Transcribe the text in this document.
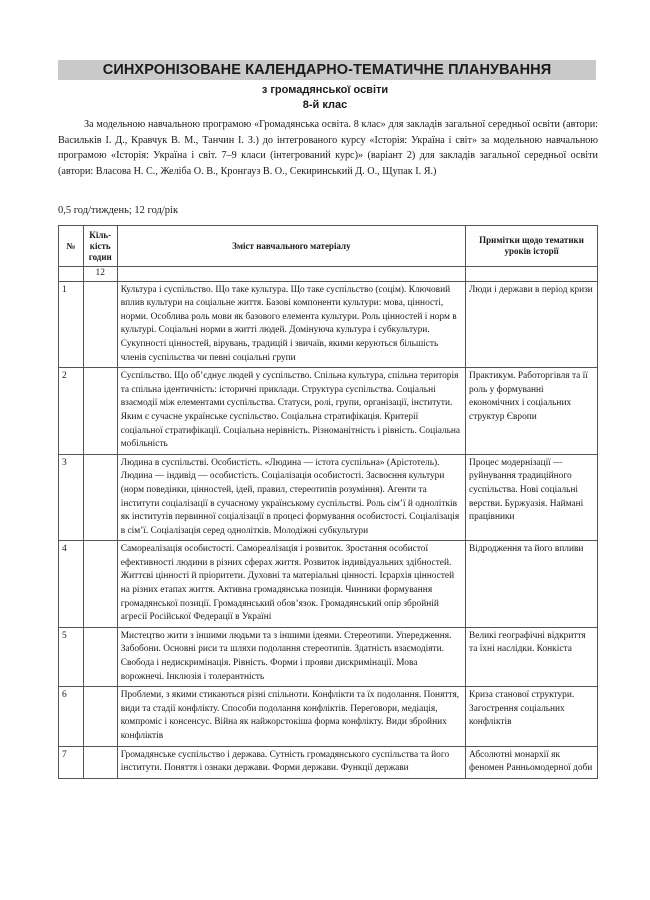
СИНХРОНІЗОВАНЕ КАЛЕНДАРНО-ТЕМАТИЧНЕ ПЛАНУВАННЯ
з громадянської освіти
8-й клас
За модельною навчальною програмою «Громадянська освіта. 8 клас» для закладів загальної середньої освіти (автори: Васильків І. Д., Кравчук В. М., Танчин І. З.) до інтегрованого курсу «Історія: Україна і світ» за модельною навчальною програмою «Історія: Україна і світ. 7–9 класи (інтегрований курс)» (варіант 2) для закладів загальної середньої освіти (автори: Власова Н. С., Желіба О. В., Кронгауз В. О., Секиринський Д. О., Щупак І. Я.)
0,5 год/тиждень; 12 год/рік
№	Кіль-кість годин	Зміст навчального матеріалу	Примітки щодо тематики уроків історії
	12		
1		Культура і суспільство. Що таке культура. Що таке суспільство (соцім). Ключовий вплив культури на соціальне життя. Базові компоненти культури: мова, цінності, норми. Особлива роль мови як базового елемента культури. Роль цінностей і норм в культурі. Соціальні норми в житті людей. Домінуюча культура і субкультури. Сукупності цінностей, вірувань, традицій і звичаїв, якими керуються більшість членів суспільства чи певні соціальні групи	Люди і держави в період кризи
2		Суспільство. Що об’єднує людей у суспільство. Спільна культура, спільна територія та спільна ідентичність: історичні приклади. Структура суспільства. Соціальні взаємодії між елементами суспільства. Статуси, ролі, групи, організації, інститути. Яким є сучасне українське суспільство. Соціальна стратифікація. Критерії соціальної стратифікації. Соціальна нерівність. Різноманітність і рівність. Соціальна мобільність	Практикум. Работоргівля та її роль у формуванні економічних і соціальних структур Європи
3		Людина в суспільстві. Особистість. «Людина — істота суспільна» (Арістотель). Людина — індивід — особистість. Соціалізація особистості. Засвоєння культури (норм поведінки, цінностей, ідей, правил, стереотипів розуміння). Агенти та інститути соціалізації в сучасному українському суспільстві. Роль сім’ї й однолітків як інститутів первинної соціалізації в процесі формування особистості. Соціалізація в сім’ї. Соціалізація серед однолітків. Молодіжні субкультури	Процес модернізації — руйнування традиційного суспільства. Нові соціальні верстви. Буржуазія. Наймані працівники
4		Самореалізація особистості. Самореалізація і розвиток. Зростання особистої ефективності людини в різних сферах життя. Розвиток індивідуальних здібностей. Життєві цінності й пріоритети. Духовні та матеріальні цінності. Ієрархія цінностей на різних етапах життя. Активна громадянська позиція. Чинники формування громадянської позиції. Громадянський обов’язок. Громадянський опір збройній агресії Російської Федерації в Україні	Відродження та його впливи
5		Мистецтво жити з іншими людьми та з іншими ідеями. Стереотипи. Упередження. Забобони. Основні риси та шляхи подолання стереотипів. Здатність взаємодіяти. Свобода і недискримінація. Рівність. Форми і прояви дискримінації. Мова ворожнечі. Інклюзія і толерантність	Великі географічні відкриття та їхні наслідки. Конкіста
6		Проблеми, з якими стикаються різні спільноти. Конфлікти та їх подолання. Поняття, види та стадії конфлікту. Способи подолання конфліктів. Переговори, медіація, компроміс і консенсус. Війна як найжорстокіша форма конфлікту. Види збройних конфліктів	Криза станової структури. Загострення соціальних конфліктів
7		Громадянське суспільство і держава. Сутність громадянського суспільства та його інститути. Поняття і ознаки держави. Форми держави. Функції держави	Абсолютні монархії як феномен Ранньомодерної доби
